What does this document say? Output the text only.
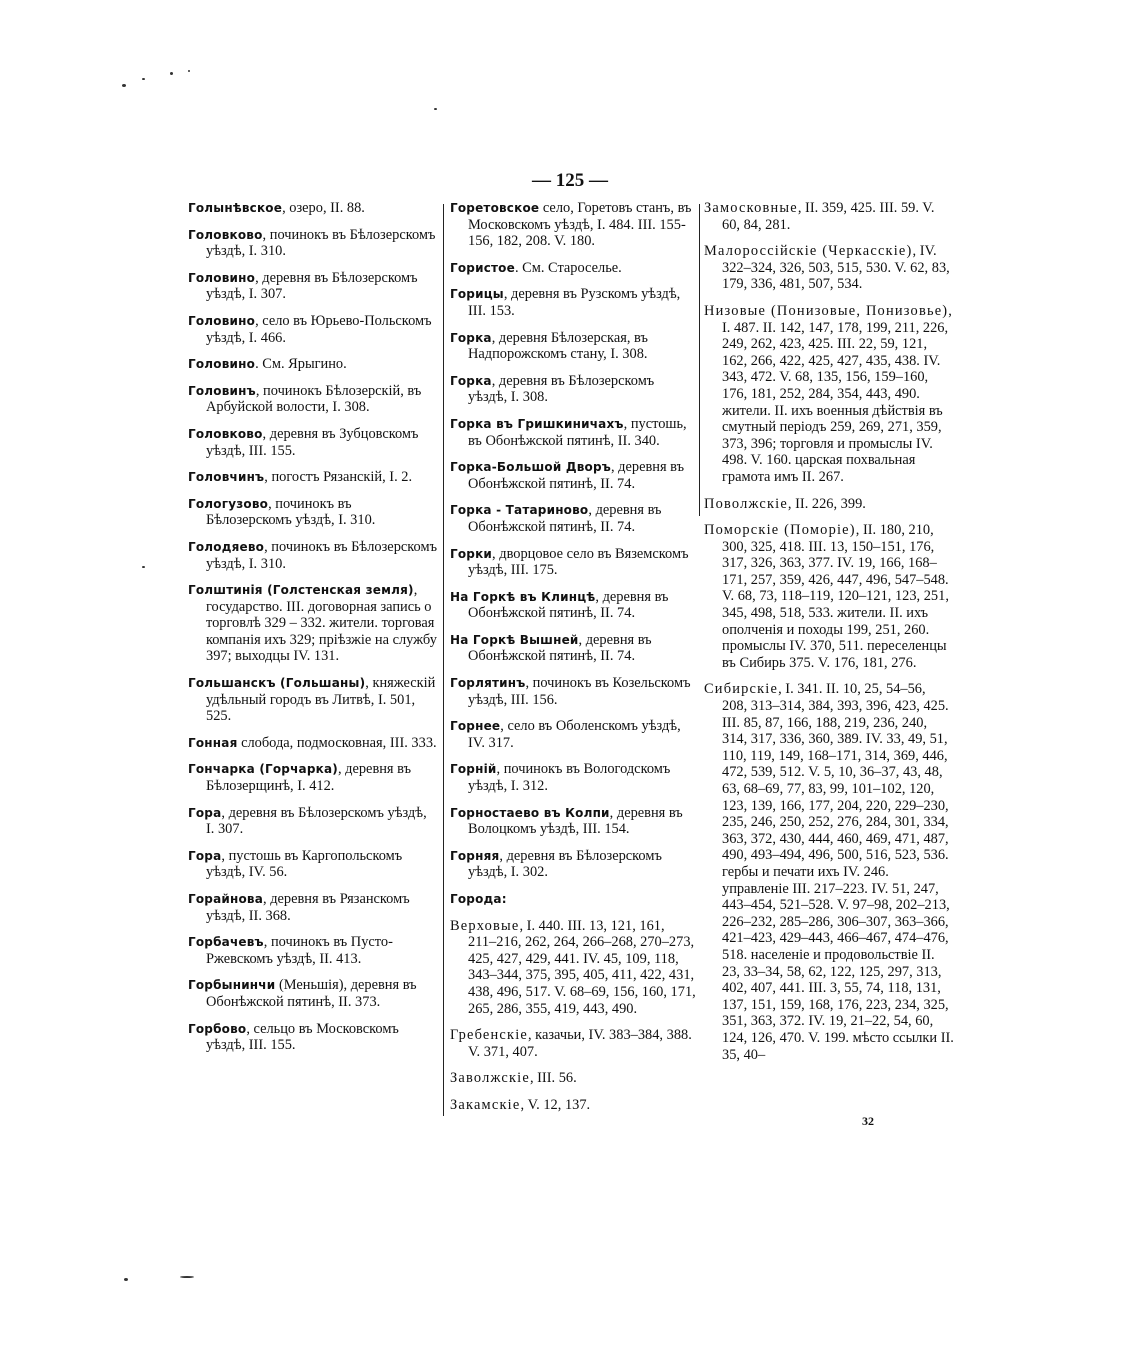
— 125 —
Голынѣвское, озеро, II. 88.
Головково, починокъ въ Бѣлозерскомъ уѣздѣ, I. 310.
Головино, деревня въ Бѣлозерскомъ уѣздѣ, I. 307.
Головино, село въ Юрьево-Польскомъ уѣздѣ, I. 466.
Головино. См. Ярыгино.
Головинъ, починокъ Бѣлозерскій, въ Арбуйской волости, I. 308.
Головково, деревня въ Зубцовскомъ уѣздѣ, III. 155.
Головчинъ, погостъ Рязанскій, I. 2.
Гологузово, починокъ въ Бѣлозерскомъ уѣздѣ, I. 310.
Голодяево, починокъ въ Бѣлозерскомъ уѣздѣ, I. 310.
Голштинія (Голстенская земля), государство. III. договорная запись о торговлѣ 329 – 332. жители. торговая компанія ихъ 329; пріѣзжіе на службу 397; выходцы IV. 131.
Гольшанскъ (Гольшаны), княжескій удѣльный городъ въ Литвѣ, I. 501, 525.
Гонная слобода, подмосковная, III. 333.
Гончарка (Горчарка), деревня въ Бѣлозерщинѣ, I. 412.
Гора, деревня въ Бѣлозерскомъ уѣздѣ, I. 307.
Гора, пустошь въ Каргопольскомъ уѣздѣ, IV. 56.
Горайнова, деревня въ Рязанскомъ уѣздѣ, II. 368.
Горбачевъ, починокъ въ Пусто-Ржевскомъ уѣздѣ, II. 413.
Горбынинчи (Меньшія), деревня въ Обонѣжской пятинѣ, II. 373.
Горбово, сельцо въ Московскомъ уѣздѣ, III. 155.
Горетовское село, Горетовъ станъ, въ Московскомъ уѣздѣ, I. 484. III. 155-156, 182, 208. V. 180.
Гористое. См. Староселье.
Горицы, деревня въ Рузскомъ уѣздѣ, III. 153.
Горка, деревня Бѣлозерская, въ Надпорожскомъ стану, I. 308.
Горка, деревня въ Бѣлозерскомъ уѣздѣ, I. 308.
Горка въ Гришкиничахъ, пустошь, въ Обонѣжской пятинѣ, II. 340.
Горка-Большой Дворъ, деревня въ Обонѣжской пятинѣ, II. 74.
Горка - Татариново, деревня въ Обонѣжской пятинѣ, II. 74.
Горки, дворцовое село въ Вяземскомъ уѣздѣ, III. 175.
На Горкѣ въ Клинцѣ, деревня въ Обонѣжской пятинѣ, II. 74.
На Горкѣ Вышней, деревня въ Обонѣжской пятинѣ, II. 74.
Горлятинъ, починокъ въ Козельскомъ уѣздѣ, III. 156.
Горнее, село въ Оболенскомъ уѣздѣ, IV. 317.
Горній, починокъ въ Вологодскомъ уѣздѣ, I. 312.
Горностаево въ Колпи, деревня въ Волоцкомъ уѣздѣ, III. 154.
Горняя, деревня въ Бѣлозерскомъ уѣздѣ, I. 302.
Города:
Верховые, I. 440. III. 13, 121, 161, 211–216, 262, 264, 266–268, 270–273, 425, 427, 429, 441. IV. 45, 109, 118, 343–344, 375, 395, 405, 411, 422, 431, 438, 496, 517. V. 68–69, 156, 160, 171, 265, 286, 355, 419, 443, 490.
Гребенскіе, казачьи, IV. 383–384, 388. V. 371, 407.
Заволжскіе, III. 56.
Закамскіе, V. 12, 137.
Замосковные, II. 359, 425. III. 59. V. 60, 84, 281.
Малороссійскіе (Черкасскіе), IV. 322–324, 326, 503, 515, 530. V. 62, 83, 179, 336, 481, 507, 534.
Низовые (Понизовые, Понизовье), I. 487. II. 142, 147, 178, 199, 211, 226, 249, 262, 423, 425. III. 22, 59, 121, 162, 266, 422, 425, 427, 435, 438. IV. 343, 472. V. 68, 135, 156, 159–160, 176, 181, 252, 284, 354, 443, 490. жители. II. ихъ военныя дѣйствія въ смутный періодъ 259, 269, 271, 359, 373, 396; торговля и промыслы IV. 498. V. 160. царская похвальная грамота имъ II. 267.
Поволжскіе, II. 226, 399.
Поморскіе (Поморіе), II. 180, 210, 300, 325, 418. III. 13, 150–151, 176, 317, 326, 363, 377. IV. 19, 166, 168–171, 257, 359, 426, 447, 496, 547–548. V. 68, 73, 118–119, 120–121, 123, 251, 345, 498, 518, 533. жители. II. ихъ ополченія и походы 199, 251, 260. промыслы IV. 370, 511. переселенцы въ Сибирь 375. V. 176, 181, 276.
Сибирскіе, I. 341. II. 10, 25, 54–56, 208, 313–314, 384, 393, 396, 423, 425. III. 85, 87, 166, 188, 219, 236, 240, 314, 317, 336, 360, 389. IV. 33, 49, 51, 110, 119, 149, 168–171, 314, 369, 446, 472, 539, 512. V. 5, 10, 36–37, 43, 48, 63, 68–69, 77, 83, 99, 101–102, 120, 123, 139, 166, 177, 204, 220, 229–230, 235, 246, 250, 252, 276, 284, 301, 334, 363, 372, 430, 444, 460, 469, 471, 487, 490, 493–494, 496, 500, 516, 523, 536. гербы и печати ихъ IV. 246. управленіе III. 217–223. IV. 51, 247, 443–454, 521–528. V. 97–98, 202–213, 226–232, 285–286, 306–307, 363–366, 421–423, 429–443, 466–467, 474–476, 518. населеніе и продовольствіе II. 23, 33–34, 58, 62, 122, 125, 297, 313, 402, 407, 441. III. 3, 55, 74, 118, 131, 137, 151, 159, 168, 176, 223, 234, 325, 351, 363, 372. IV. 19, 21–22, 54, 60, 124, 126, 470. V. 199. мѣсто ссылки II. 35, 40–
32
